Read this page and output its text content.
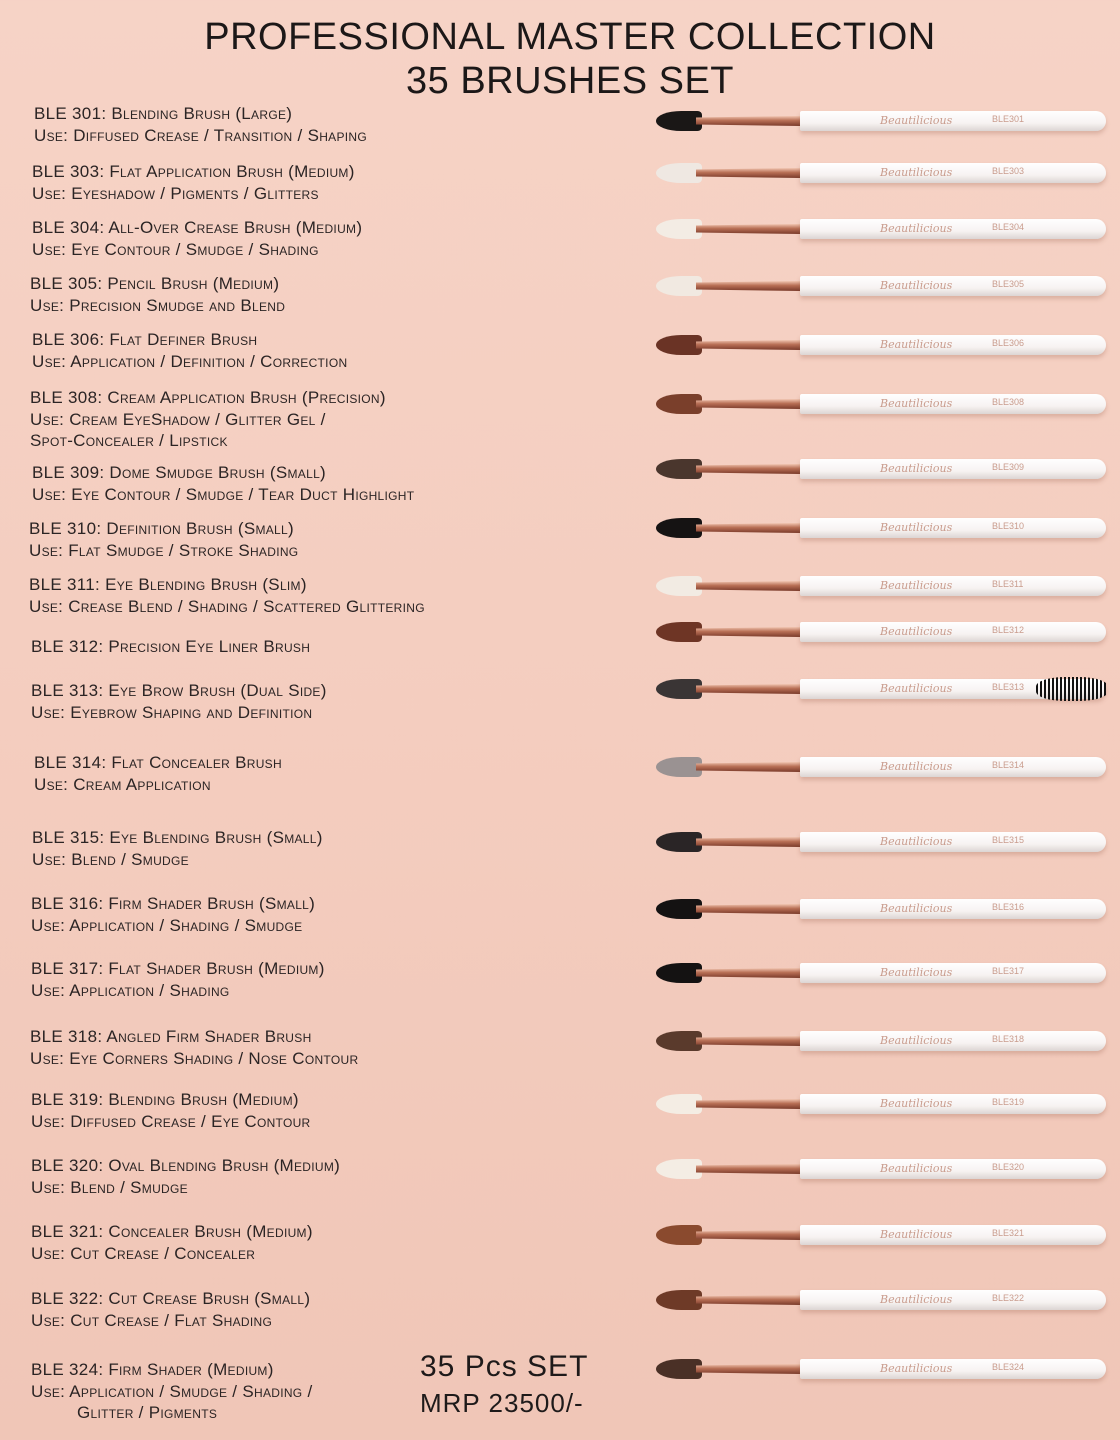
PROFESSIONAL MASTER COLLECTION
35 BRUSHES SET
BLE 301: Blending Brush (Large)
Use: Diffused Crease / Transition / Shaping
BLE 303: Flat Application Brush (Medium)
Use: Eyeshadow / Pigments / Glitters
BLE 304: All-Over Crease Brush (Medium)
Use: Eye Contour / Smudge / Shading
BLE 305: Pencil Brush (Medium)
Use: Precision Smudge and Blend
BLE 306: Flat Definer Brush
Use: Application / Definition / Correction
BLE 308: Cream Application Brush (Precision)
Use: Cream EyeShadow / Glitter Gel /
Spot-Concealer / Lipstick
BLE 309: Dome Smudge Brush (Small)
Use: Eye Contour / Smudge / Tear Duct Highlight
BLE 310: Definition Brush (Small)
Use: Flat Smudge / Stroke Shading
BLE 311: Eye Blending Brush (Slim)
Use: Crease Blend / Shading / Scattered Glittering
BLE 312: Precision Eye Liner Brush
BLE 313: Eye Brow Brush (Dual Side)
Use: Eyebrow Shaping and Definition
BLE 314: Flat Concealer Brush
Use: Cream Application
BLE 315: Eye Blending Brush (Small)
Use: Blend / Smudge
BLE 316: Firm Shader Brush (Small)
Use: Application / Shading / Smudge
BLE 317: Flat Shader Brush (Medium)
Use: Application / Shading
BLE 318: Angled Firm Shader Brush
Use: Eye Corners Shading / Nose Contour
BLE 319: Blending Brush (Medium)
Use: Diffused Crease / Eye Contour
BLE 320: Oval Blending Brush (Medium)
Use: Blend / Smudge
BLE 321: Concealer Brush (Medium)
Use: Cut Crease / Concealer
BLE 322: Cut Crease Brush (Small)
Use: Cut Crease / Flat Shading
BLE 324: Firm Shader (Medium)
Use: Application / Smudge / Shading /
Glitter / Pigments
Beautilicious	BLE301
Beautilicious	BLE303
Beautilicious	BLE304
Beautilicious	BLE305
Beautilicious	BLE306
Beautilicious	BLE308
Beautilicious	BLE309
Beautilicious	BLE310
Beautilicious	BLE311
Beautilicious	BLE312
Beautilicious	BLE313
Beautilicious	BLE314
Beautilicious	BLE315
Beautilicious	BLE316
Beautilicious	BLE317
Beautilicious	BLE318
Beautilicious	BLE319
Beautilicious	BLE320
Beautilicious	BLE321
Beautilicious	BLE322
Beautilicious	BLE324
35 Pcs SET
MRP 23500/-
